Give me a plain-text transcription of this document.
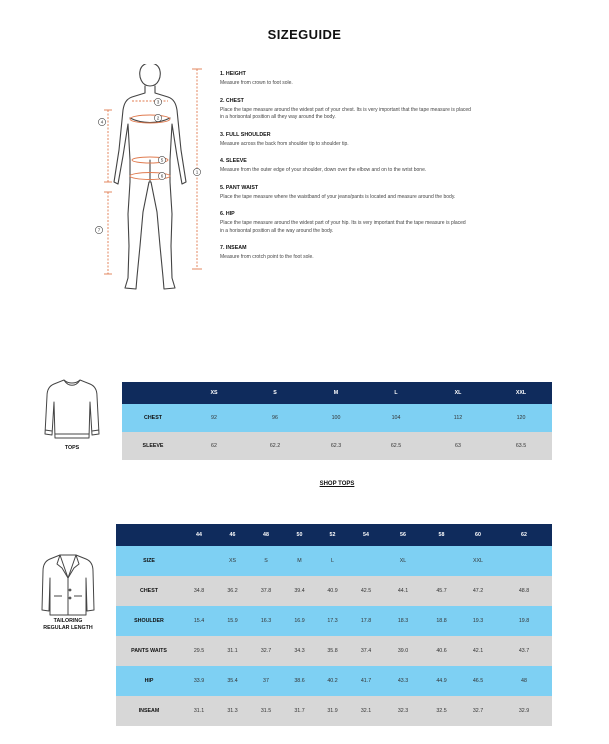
SIZEGUIDE
1
2
3
4
5
6
7
1. HEIGHT
Measure from crown to foot sole.
2. CHEST
Place the tape measure around the widest part of your chest. Its is very important that the tape measure is placed
in a horisontal position all they way around the body.
3. FULL SHOULDER
Measure across the back from shoulder tip to shoulder tip.
4. SLEEVE
Measure from the outer edge of your shoulder, down over the elbow and on to the wrist bone.
5. PANT WAIST
Place the tape measure where the waistband of your jeans/pants is located and measure around the body.
6. HIP
Place the tape measure around the widest part of your hip. Its is very important that the tape measure is placed
in a horisontal position all the way around the body.
7. INSEAM
Measure from crotch point to the foot sole.
TOPS
	XS	S	M	L	XL	XXL
CHEST	92	96	100	104	112	120
SLEEVE	62	62.2	62.3	62.5	63	63.5
SHOP TOPS
TAILORING
REGULAR LENGTH
	44	46	48	50	52	54	56	58	60	62
SIZE		XS	S	M	L		XL		XXL	
CHEST	34.8	36.2	37.8	39.4	40.9	42.5	44.1	45.7	47.2	48.8
SHOULDER	15.4	15.9	16.3	16.9	17.3	17.8	18.3	18.8	19.3	19.8
PANTS WAITS	29.5	31.1	32.7	34.3	35.8	37.4	39.0	40.6	42.1	43.7
HIP	33.9	35.4	37	38.6	40.2	41.7	43.3	44.9	46.5	48
INSEAM	31.1	31.3	31.5	31.7	31.9	32.1	32.3	32.5	32.7	32.9
